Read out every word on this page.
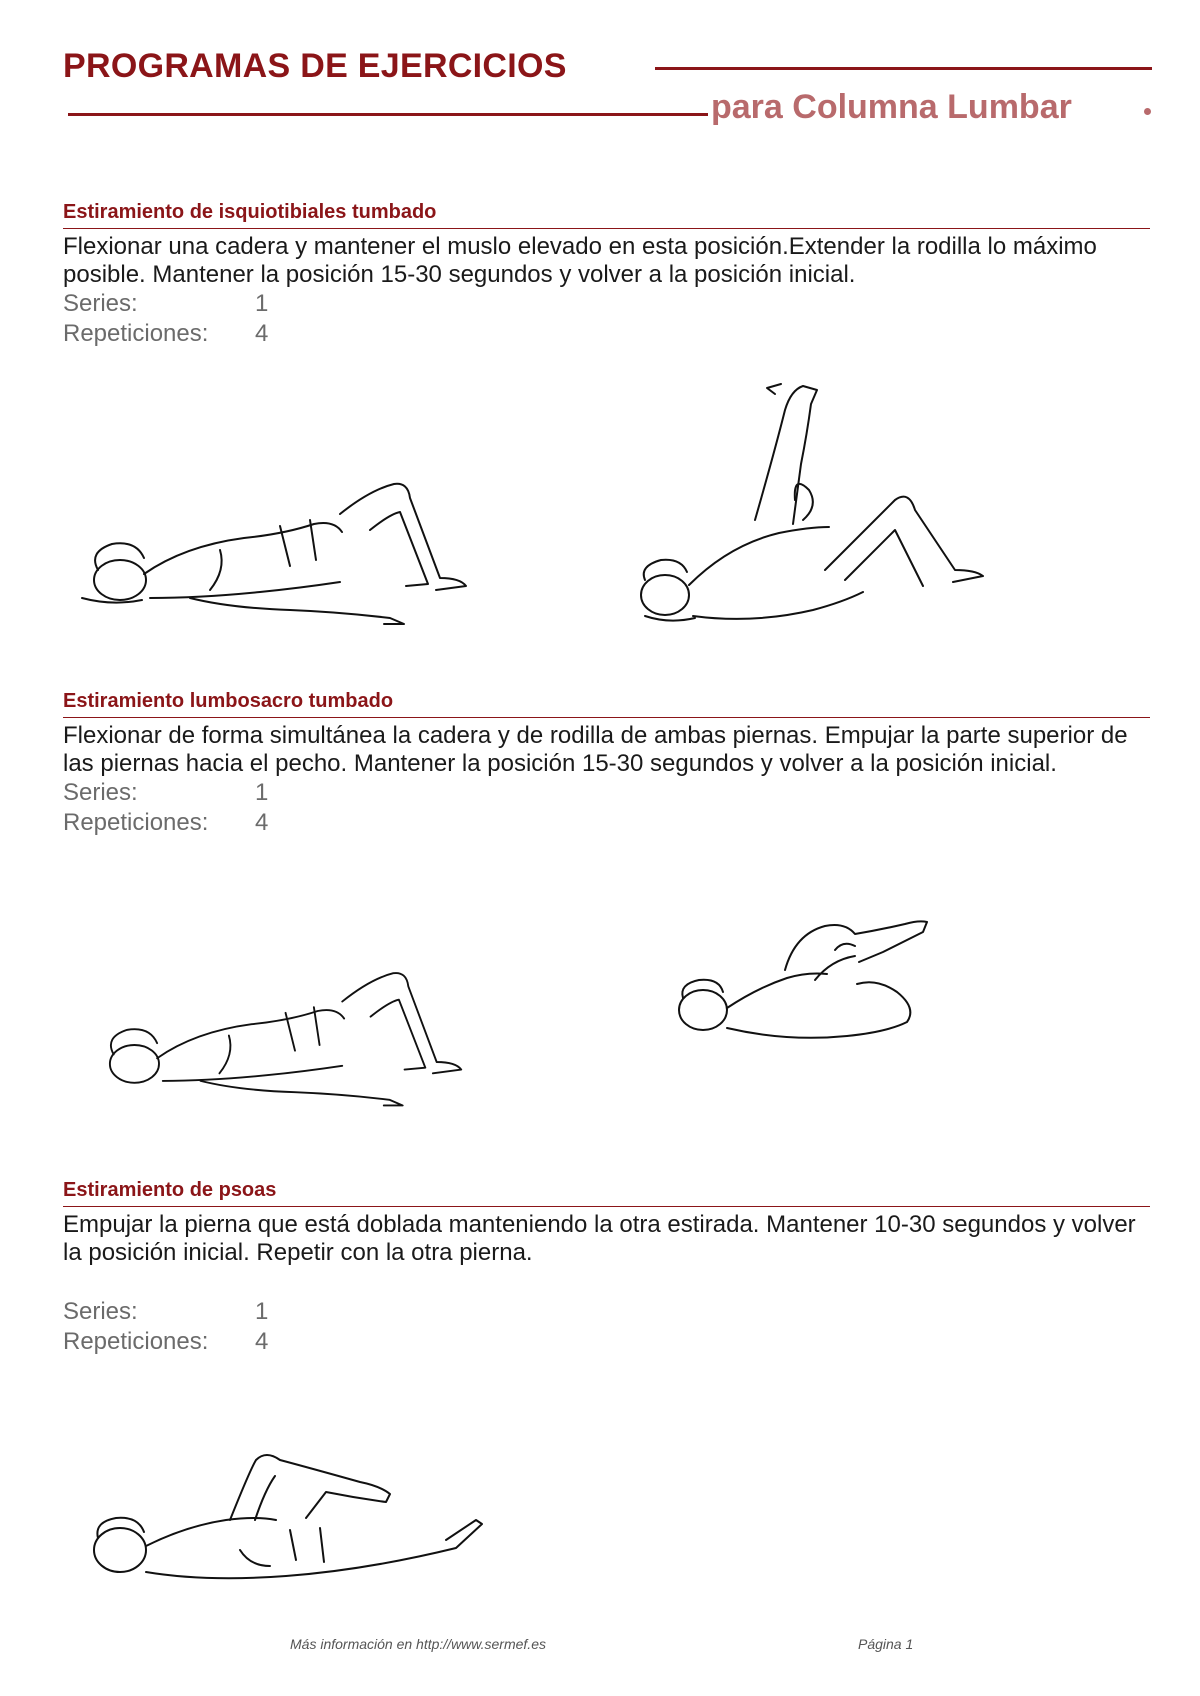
PROGRAMAS DE EJERCICIOS
para Columna Lumbar
Estiramiento de isquiotibiales tumbado
Flexionar una cadera y mantener el muslo elevado en esta posición.Extender la rodilla lo máximo posible. Mantener la posición 15-30 segundos y volver a la posición inicial.
Series:	1
Repeticiones:	4
Estiramiento lumbosacro tumbado
Flexionar de forma simultánea la cadera y de rodilla de ambas piernas. Empujar la parte superior de las piernas hacia el pecho. Mantener la posición 15-30 segundos y volver a la posición inicial.
Series:	1
Repeticiones:	4
Estiramiento de psoas
Empujar la pierna que está doblada manteniendo la otra estirada. Mantener 10-30 segundos y volver la posición inicial. Repetir con la otra pierna.
Series:	1
Repeticiones:	4
Más información en http://www.sermef.es	Página 1
